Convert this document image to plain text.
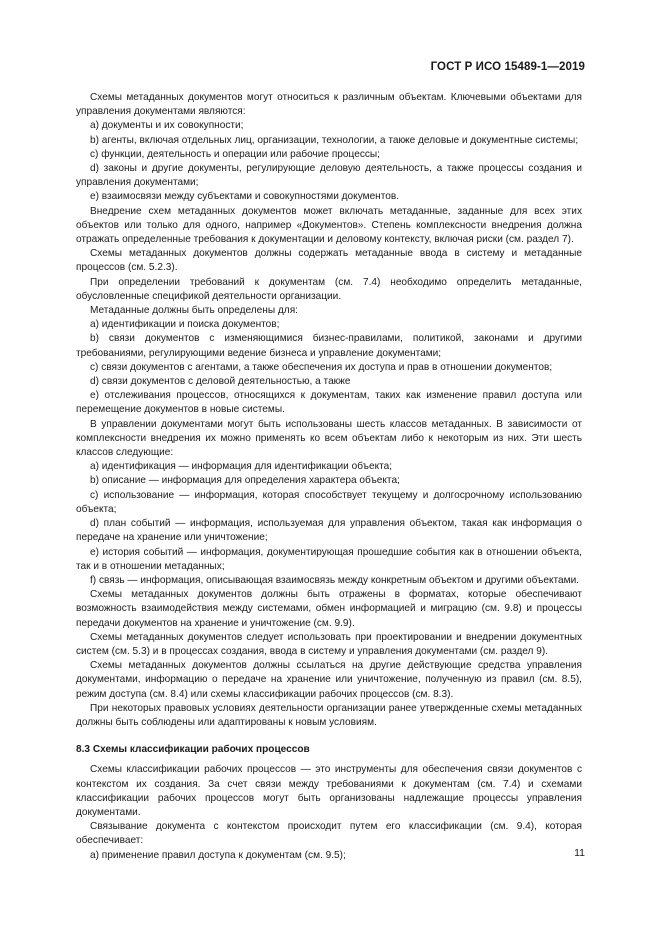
ГОСТ Р ИСО 15489-1—2019
Схемы метаданных документов могут относиться к различным объектам. Ключевыми объектами для управления документами являются:
а) документы и их совокупности;
b) агенты, включая отдельных лиц, организации, технологии, а также деловые и документные системы;
с) функции, деятельность и операции или рабочие процессы;
d) законы и другие документы, регулирующие деловую деятельность, а также процессы создания и управления документами;
е) взаимосвязи между субъектами и совокупностями документов.
Внедрение схем метаданных документов может включать метаданные, заданные для всех этих объектов или только для одного, например «Документов». Степень комплексности внедрения должна отражать определенные требования к документации и деловому контексту, включая риски (см. раздел 7).
Схемы метаданных документов должны содержать метаданные ввода в систему и метаданные процессов (см. 5.2.3).
При определении требований к документам (см. 7.4) необходимо определить метаданные, обусловленные спецификой деятельности организации.
Метаданные должны быть определены для:
а) идентификации и поиска документов;
b) связи документов с изменяющимися бизнес-правилами, политикой, законами и другими требованиями, регулирующими ведение бизнеса и управление документами;
с) связи документов с агентами, а также обеспечения их доступа и прав в отношении документов;
d) связи документов с деловой деятельностью, а также
е) отслеживания процессов, относящихся к документам, таких как изменение правил доступа или перемещение документов в новые системы.
В управлении документами могут быть использованы шесть классов метаданных. В зависимости от комплексности внедрения их можно применять ко всем объектам либо к некоторым из них. Эти шесть классов следующие:
а) идентификация — информация для идентификации объекта;
b) описание — информация для определения характера объекта;
с) использование — информация, которая способствует текущему и долгосрочному использованию объекта;
d) план событий — информация, используемая для управления объектом, такая как информация о передаче на хранение или уничтожение;
е) история событий — информация, документирующая прошедшие события как в отношении объекта, так и в отношении метаданных;
f) связь — информация, описывающая взаимосвязь между конкретным объектом и другими объектами.
Схемы метаданных документов должны быть отражены в форматах, которые обеспечивают возможность взаимодействия между системами, обмен информацией и миграцию (см. 9.8) и процессы передачи документов на хранение и уничтожение (см. 9.9).
Схемы метаданных документов следует использовать при проектировании и внедрении документных систем (см. 5.3) и в процессах создания, ввода в систему и управления документами (см. раздел 9).
Схемы метаданных документов должны ссылаться на другие действующие средства управления документами, информацию о передаче на хранение или уничтожение, полученную из правил (см. 8.5), режим доступа (см. 8.4) или схемы классификации рабочих процессов (см. 8.3).
При некоторых правовых условиях деятельности организации ранее утвержденные схемы метаданных должны быть соблюдены или адаптированы к новым условиям.
8.3 Схемы классификации рабочих процессов
Схемы классификации рабочих процессов — это инструменты для обеспечения связи документов с контекстом их создания. За счет связи между требованиями к документам (см. 7.4) и схемами классификации рабочих процессов могут быть организованы надлежащие процессы управления документами.
Связывание документа с контекстом происходит путем его классификации (см. 9.4), которая обеспечивает:
а) применение правил доступа к документам (см. 9.5);	11
